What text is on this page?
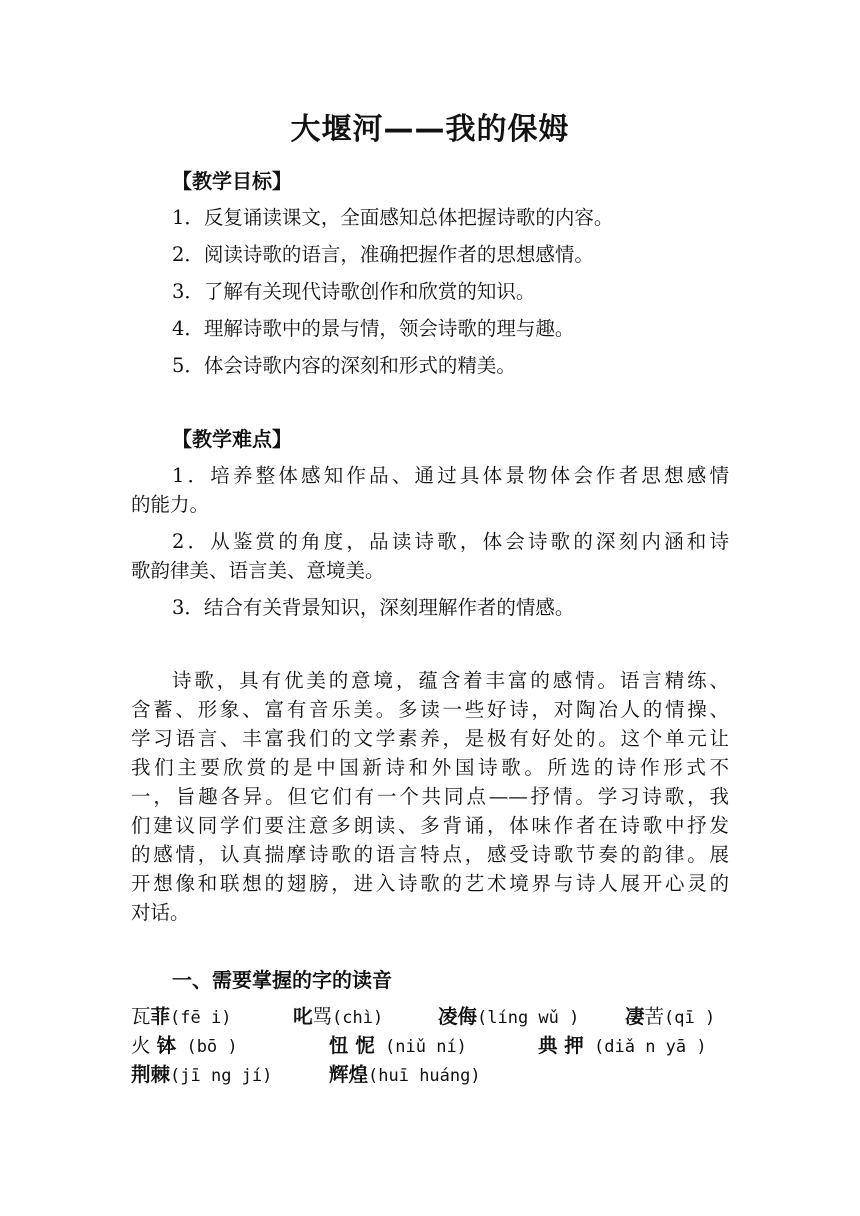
大堰河——我的保姆
【教学目标】
1．反复诵读课文，全面感知总体把握诗歌的内容。
2．阅读诗歌的语言，准确把握作者的思想感情。
3．了解有关现代诗歌创作和欣赏的知识。
4．理解诗歌中的景与情，领会诗歌的理与趣。
5．体会诗歌内容的深刻和形式的精美。
【教学难点】
1．培养整体感知作品、通过具体景物体会作者思想感情
的能力。
2．从鉴赏的角度，品读诗歌，体会诗歌的深刻内涵和诗
歌韵律美、语言美、意境美。
3．结合有关背景知识，深刻理解作者的情感。
诗歌，具有优美的意境，蕴含着丰富的感情。语言精练、
含蓄、形象、富有音乐美。多读一些好诗，对陶冶人的情操、
学习语言、丰富我们的文学素养，是极有好处的。这个单元让
我们主要欣赏的是中国新诗和外国诗歌。所选的诗作形式不
一，旨趣各异。但它们有一个共同点——抒情。学习诗歌，我
们建议同学们要注意多朗读、多背诵，体味作者在诗歌中抒发
的感情，认真揣摩诗歌的语言特点，感受诗歌节奏的韵律。展
开想像和联想的翅膀，进入诗歌的艺术境界与诗人展开心灵的
对话。
一、需要掌握的字的读音
瓦菲(fē i)	叱骂(chì)	凌侮(líng wǔ ) 凄苦(qī )
火 钵 (bō )	忸 怩 (niǔ ní)	典 押 (diǎ n yā )
荆棘(jī ng jí)	辉煌(huī huáng)
